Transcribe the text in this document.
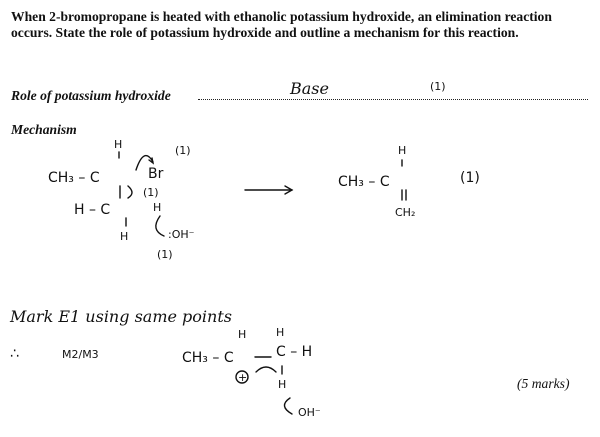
When 2-bromopropane is heated with ethanolic potassium hydroxide, an elimination reaction occurs. State the role of potassium hydroxide and outline a mechanism for this reaction.
Role of potassium hydroxide
Mechanism
(5 marks)
Base	(1)
H
CH₃ – C	Br
(1)
(1)
H – C	H
H	:OH⁻
(1)
H
CH₃ – C
CH₂
(1)
Mark E1 using same points
∴	M2/M3
H	H
CH₃ – C	C – H
+
H
OH⁻
